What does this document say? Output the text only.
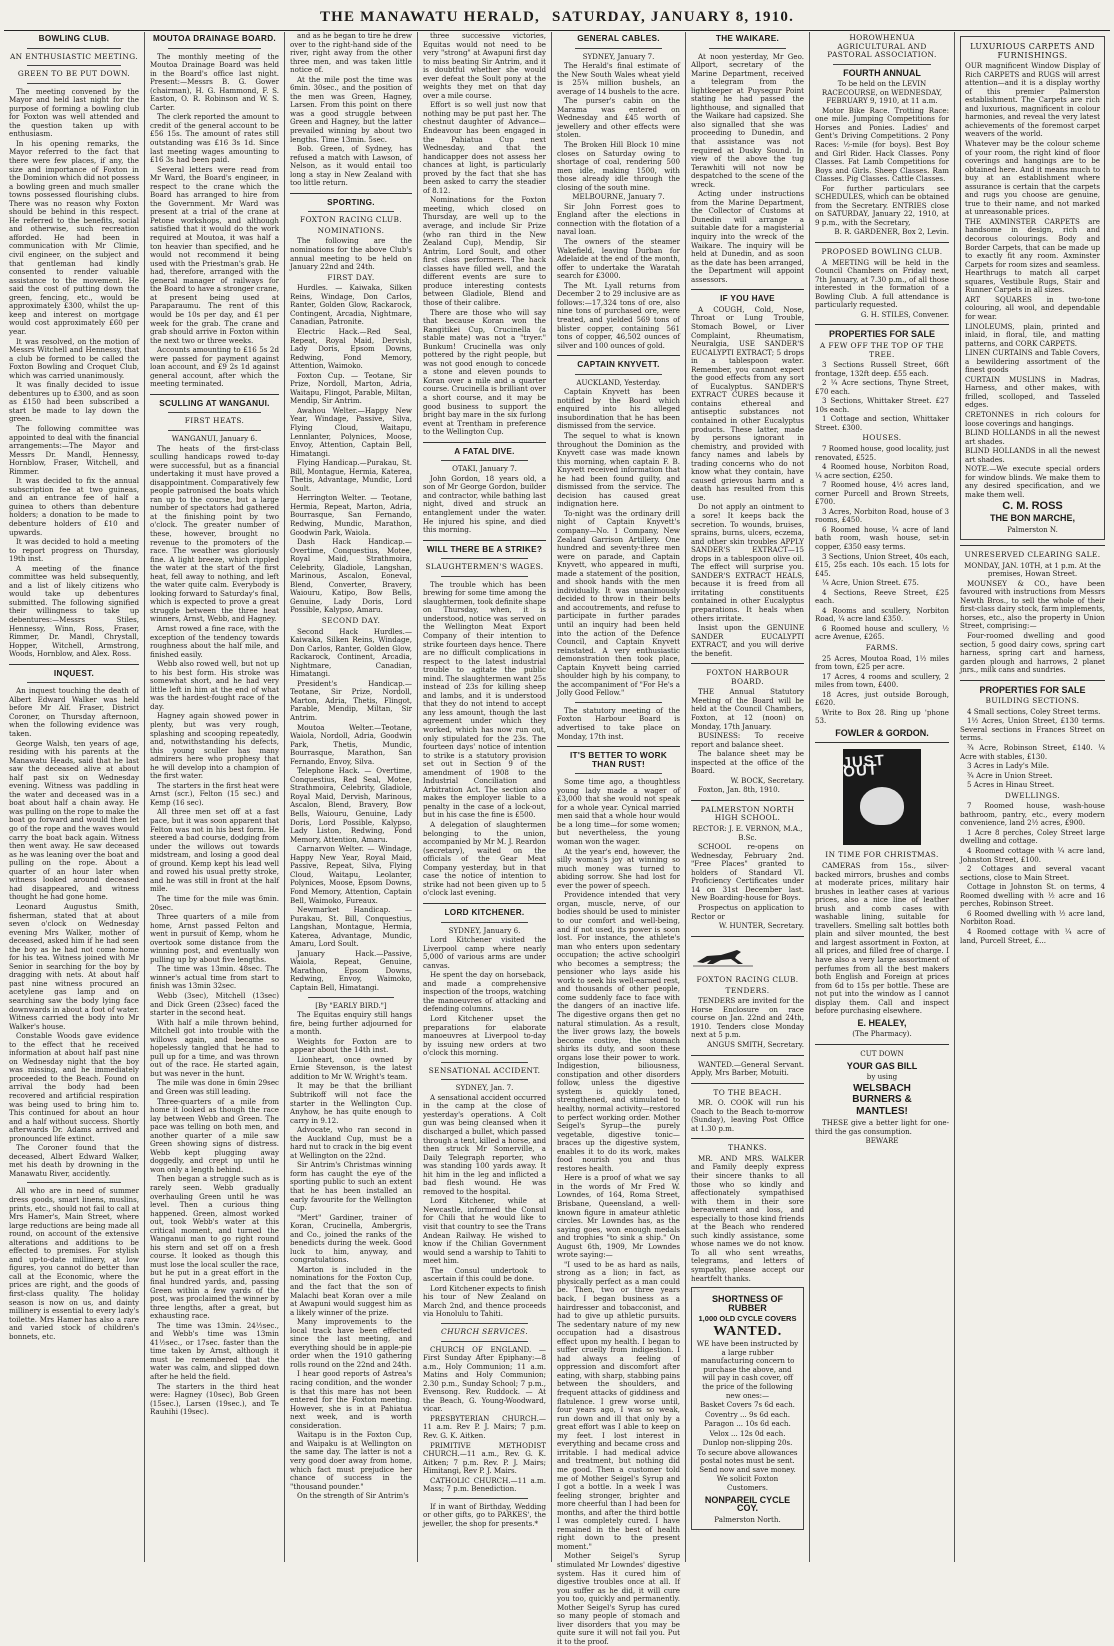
THE MANAWATU HERALD, SATURDAY, JANUARY 8, 1910.
BOWLING CLUB.
AN ENTHUSIASTIC MEETING.
GREEN TO BE PUT DOWN.

The meeting convened by the Mayor and held last night for the purpose of forming a bowling club for Foxton was well attended and the question taken up with enthusiasm.

In his opening remarks, the Mayor referred to the fact that there were few places, if any, the size and importance of Foxton in the Dominion which did not possess a bowling green and much smaller towns possessed flourishing clubs. There was no reason why Foxton should be behind in this respect. He referred to the benefits, social and otherwise, such recreation afforded. He had been in communication with Mr Climie, civil engineer, on the subject and that gentleman had kindly consented to render valuable assistance to the movement. He said the cost of putting down the green, fencing, etc., would be approximately £300, whilst the up-keep and interest on mortgage would cost approximately £60 per year.

It was resolved, on the motion of Messrs Witchell and Hennessy, that a club be formed to be called the Foxton Bowling and Croquet Club, which was carried unanimously.

It was finally decided to issue debentures up to £300, and as soon as £150 had been subscribed a start be made to lay down the green.

The following committee was appointed to deal with the financial arrangements:—The Mayor and Messrs Dr. Mandl, Hennessy, Hornblow, Fraser, Witchell, and Rimmer.

It was decided to fix the annual subscription fee at two guineas, and an entrance fee of half a guinea to others than debenture holders; a donation to be made to debenture holders of £10 and upwards.

It was decided to hold a meeting to report progress on Thursday, 19th inst.

A meeting of the finance committee was held subsequently, and a list of likely citizens who would take up debentures submitted. The following signified their willingness to take up debentures:—Messrs Stiles, Hennessy, Winn, Ross, Fraser, Rimmer, Dr. Mandl, Chrystall, Hopper, Witchell, Armstrong, Woods, Hornblow, and Alex. Ross.

INQUEST.

An inquest touching the death of Albert Edward Walker was held before Mr Alf. Fraser, District Coroner, on Thursday afternoon, when the following evidence was taken.

George Walsh, ten years of age, residing with his parents at the Manawatu Heads, said that he last saw the deceased alive at about half past six on Wednesday evening. Witness was paddling in the water and deceased was in a boat about half a chain away. He was pulling on the rope to make the boat go forward and would then let go of the rope and the waves would carry the boat back again. Witness then went away. He saw deceased as he was leaning over the boat and pulling on the rope. About a quarter of an hour later when witness looked around deceased had disappeared, and witness thought he had gone home.

Leonard Augustus Smith, fisherman, stated that at about seven o'clock on Wednesday evening Mrs Walker, mother of deceased, asked him if he had seen the boy as he had not come home for his tea. Witness joined with Mr Senior in searching for the boy by dragging with nets. At about half past nine witness procured an acetylene gas lamp and on searching saw the body lying face downwards in about a foot of water. Witness carried the body into Mr Walker's house.

Constable Woods gave evidence to the effect that he received information at about half past nine on Wednesday night that the boy was missing, and he immediately proceeded to the Beach. Found on arrival the body had been recovered and artificial respiration was being used to bring him to. This continued for about an hour and a half without success. Shortly afterwards Dr. Adams arrived and pronounced life extinct.

The Coroner found that the deceased, Albert Edward Walker, met his death by drowning in the Manawatu River, accidently.

All who are in need of summer dress goods, smart linens, muslins, prints, etc., should not fail to call at Mrs Hamer's, Main Street, where large reductions are being made all round, on account of the extensive alterations and additions to be effected to premises. For stylish and up-to-date millinery, at low figures, you cannot do better than call at the Economic, where the prices are right, and the goods of first-class quality. The holiday season is now on us, and dainty millinery is essential to every lady's toilette. Mrs Hamer has also a rare and varied stock of children's bonnets, etc.

MOUTOA DRAINAGE BOARD.

The monthly meeting of the Moutoa Drainage Board was held in the Board's office last night. Present:—Messrs B. G. Gower (chairman), H. G. Hammond, F. S. Easton, O. R. Robinson and W. S. Carter.

The clerk reported the amount to credit of the general account to be £56 15s. The amount of rates still outstanding was £16 3s 1d. Since last meeting wages amounting to £16 3s had been paid.

Several letters were read from Mr Ward, the Board's engineer, in respect to the crane which the Board has arranged to hire from the Government. Mr Ward was present at a trial of the crane at Petone workshops, and although satisfied that it would do the work required at Moutoa, it was half a ton heavier than specified, and he would not recommend it being used with the Priestman's grab. He had, therefore, arranged with the general manager of railways for the Board to have a stronger crane, at present being used at Paraparaumu. The rent of this would be 10s per day, and £1 per week for the grab. The crane and grab should arrive in Foxton within the next two or three weeks.

Accounts amounting to £16 5s 2d were passed for payment against loan account, and £9 2s 1d against general account, after which the meeting terminated.

SCULLING AT WANGANUI.
FIRST HEATS.

WANGANUI, January 6.

The heats of the first-class sculling handicaps rowed to-day were successful, but as a financial undertaking it must have proved a disappointment. Comparatively few people patronised the boats which ran up to the course, but a large number of spectators had gathered at the finishing point by two o'clock. The greater number of these, however, brought no revenue to the promoters of the race. The weather was gloriously fine. A light breeze, which rippled the water at the start of the first heat, fell away to nothing, and left the water quite calm. Everybody is looking forward to Saturday's final, which is expected to prove a great struggle between the three heat winners, Arnst, Webb, and Hagney.

Arnst rowed a fine race, with the exception of the tendency towards roughness about the half mile, and finished easily.

Webb also rowed well, but not up to his best form. His stroke was somewhat short, and he had very little left in him at the end of what was the hardest-fought race of the day.

Hagney again showed power in plenty, but was very rough, splashing and scooping repeatedly, and, notwithstanding his defects, this young sculler has many admirers here who prophesy that he will develop into a champion of the first water.

The starters in the first heat were Arnst (scr.), Felton (15 sec.) and Kemp (16 sec).

All three men set off at a fast pace, but it was soon apparent that Felton was not in his best form. He steered a bad course, dodging from under the willows out towards midstream, and losing a good deal of ground. Kemp kept his lead well and rowed his usual pretty stroke, and he was still in front at the half mile.

The time for the mile was 6min. 20sec.

Three quarters of a mile from home, Arnst passed Felton and went in pursuit of Kemp, whom he overtook some distance from the winning post, and eventually won pulling up by about five lengths.

The time was 13min. 48sec. The winner's actual time from start to finish was 13min 32sec.

Webb (3sec), Mitchell (13sec) and Dick Green (23sec) faced the starter in the second heat.

With half a mile thrown behind, Mitchell got into trouble with the willows again, and became so hopelessly tangled that he had to pull up for a time, and was thrown out of the race. He started again, but was never in the hunt.

The mile was done in 6min 29sec and Green was still leading.

Three-quarters of a mile from home it looked as though the race lay between Webb and Green. The pace was telling on both men, and another quarter of a mile saw Green showing signs of distress. Webb kept plugging away doggedly, and crept up until he won only a length behind.

Then began a struggle such as is rarely seen. Webb gradually overhauling Green until he was level. Then a curious thing happened. Green, almost worked out, took Webb's water at this critical moment, and turned the Wanganui man to go right round his stern and set off on a fresh course. It looked as though this must lose the local sculler the race, but he put in a great effort in the final hundred yards, and, passing Green within a few yards of the post, was proclaimed the winner by three lengths, after a great, but exhausting race.

The time was 13min. 24½sec., and Webb's time was 13min 41½sec., or 17sec. faster than the time taken by Arnst, although it must be remembered that the water was calm, and slipped down after he held the field.

The starters in the third heat were: Hagney (10sec), Bob Green (15sec.), Larsen (19sec.), and Te Rauhihi (19sec).

and as he began to tire he drew over to the right-hand side of the river, right away from the other three men, and was taken little notice of.

At the mile post the time was 6min. 30sec., and the position of the men was Green, Hagney, Larsen. From this point on there was a good struggle between Green and Hagney, but the latter prevailed winning by about two lengths. Time 13min. 5sec.

Bob. Green, of Sydney, has refused a match with Lawson, of Nelson, as it would entail too long a stay in New Zealand with too little return.

SPORTING.
FOXTON RACING CLUB.
NOMINATIONS.

The following are the nominations for the above Club's annual meeting to be held on January 22nd and 24th.

FIRST DAY.

Hurdles. — Kaiwaka, Silken Reins, Windage, Don Carlos, Ranter, Golden Glow, Rackarock, Contingent, Arcadia, Nightmare, Canadian, Patronite.

Electric Hack.—Red Seal, Repeat, Royal Maid, Dervish, Lady Doris, Epsom Downs, Redwing, Fond Memory, Attention, Waimoko.

Foxton Cup. — Teotane, Sir Prize, Nordoll, Marton, Adria, Waitapu, Flingot, Parable, Miltan, Mendip, Sir Antrim.

Awahou Welter.—Happy New Year, Windage, Passive, Silva, Flying Cloud, Waitapu, Lennlanter, Polynices, Moose, Envoy, Attention, Captain Bell, Himatangi.

Flying Handicap.—Purakau, St. Bill, Montague, Hermia, Katerea, Thetis, Advantage, Mundic, Lord Soult.

Herrington Welter. — Teotane, Hermia, Repeat, Marton, Adria, Bourrasque, San Fernando, Redwing, Mundic, Marathon, Goodwin Park, Waiola.

Dash Hack Handicap.—Overtime, Conquestius, Motee, Royal Maid, Strathmoira, Celebrity, Gladiole, Langshan, Marinous, Ascalon, Eoneval, Blend, Converter, Bravery, Waiouru, Katipo, Bow Bells, Genuine, Lady Doris, Lord Possible, Kalypso, Amaru.

SECOND DAY.

Second Hack Hurdles.—Kaiwaka, Silken Reins, Windage, Don Carlos, Ranter, Golden Glow, Rackarock, Continent, Arcadia, Nightmare, Canadian, Himatangi.

President's Handicap.—Teotane, Sir Prize, Nordoll, Marton, Adria, Thetis, Flingot, Parable, Mendip, Miltan, Sir Antrim.

Moutoa Welter.—Teotane, Waiola, Nordoll, Adria, Goodwin Park, Thetis, Mundic, Bourrasque, Marathon, San Fernando, Envoy, Silva.

Telephone Hack. — Overtime, Conquestius, Red Seal, Motee, Strathmoira, Celebrity, Gladiole, Royal Maid, Dervish, Marinous, Ascalon, Blend, Bravery, Bow Bells, Waiouru, Genuine, Lady Doris, Lord Possible, Kalypso, Lady Liston, Redwing, Fond Memory, Attention, Amaru.

Carnarvon Welter. — Windage, Happy New Year, Royal Maid, Passive, Repeat, Silva, Flying Cloud, Waitapu, Leolanter, Polynices, Moose, Epsom Downs, Fond Memory, Attention, Captain Bell, Waimoko, Fureaux.

Newmarket Handicap. — Purakau, St. Bill, Conquestius, Langshan, Montague, Hermia, Katerea, Advantage, Mundic, Amaru, Lord Soult.

January Hack.—Passive, Waiola, Repeat, Genuine, Marathon, Epsom Downs, Redwing, Envoy, Waimoko, Captain Bell, Himatangi.

[By "EARLY BIRD."]

The Equitas enquiry still hangs fire, being further adjourned for a month.

Weights for Foxton are to appear about the 14th inst.

Lionheart, once owned by Ernie Stevenson, is the latest addition to Mr W. Wright's team.

It may be that the brilliant Subtrikoff will not face the starter in the Wellington Cup. Anyhow, he has quite enough to carry in 9.12.

Advocate, who ran second in the Auckland Cup, must be a hard nut to crack in the big event at Wellington on the 22nd.

Sir Antrim's Christmas winning form has caught the eye of the sporting public to such an extent that he has been installed an early favourite for the Wellington Cup.

"Mert" Gardiner, trainer of Koran, Crucinella, Ambergris, and Co., joined the ranks of the benedicts during the week. Good luck to him, anyway, and congratulations.

Marton is included in the nominations for the Foxton Cup, and the fact that the son of Malachi beat Koran over a mile at Awapuni would suggest him as a likely winner of the prize.

Many improvements to the local track have been effected since the last meeting, and everything should be in apple-pie order when the 1910 gathering rolls round on the 22nd and 24th.

I hear good reports of Astrea's racing condition, and the wonder is that this mare has not been entered for the Foxton meeting. However, she is in at Pahiatua next week, and is worth consideration.

Waitapu is in the Foxton Cup, and Waipaku is at Wellington on the same day. The latter is not a very good doer away from home, which fact must prejudice her chance of success in the "thousand pounder."

On the strength of Sir Antrim's

three successive victories, Equitas would not need to be very "strong" at Awapuni first day to miss beating Sir Antrim, and it is doubtful whether she would ever defeat the Soult pony at the weights they met on that day over a mile course.

Effort is so well just now that nothing may be put past her. The chestnut daughter of Advance—Endeavour has been engaged in the Pahiatua Cup next Wednesday, and that the handicapper does not assess her chances at light, is particularly proved by the fact that she has been asked to carry the steadier of 8.12.

Nominations for the Foxton meeting, which closed on Thursday, are well up to the average, and include Sir Prize (who ran third in the New Zealand Cup), Mendip, Sir Antrim, Lord Soult, and other first class performers. The hack classes have filled well, and the different events are sure to produce interesting contests between Gladiole, Blend and those of their calibre.

There are those who will say that because Koran won the Rangitikei Cup, Crucinella (a stable mate) was not a "tryer." Bunkum! Crucinella was only pottered by the right people, but was not good enough to concede a stone and eleven pounds to Koran over a mile and a quarter course. Crucinella is brilliant over a short course, and it may be good business to support the bright bay mare in the six furlong event at Trentham in preference to the Wellington Cup.

A FATAL DIVE.

OTAKI, January 7.

John Gordon, 18 years old, a son of Mr George Gordon, builder and contractor, while bathing last night, dived and struck an entanglement under the water. He injured his spine, and died this morning.

WILL THERE BE A STRIKE?
SLAUGHTERMEN'S WAGES.

The trouble which has been brewing for some time among the slaughtermen, took definite shape on Thursday, when, it is understood, notice was served on the Wellington Meat Export Company of their intention to strike fourteen days hence. There are no difficult complications in respect to the latest industrial trouble to agitate the public mind. The slaughtermen want 25s instead of 23s for killing sheep and lambs, and it is understood that they do not intend to accept any less amount, though the last agreement under which they worked, which has now run out, only stipulated for the 23s. The fourteen days' notice of intention to strike is a statutory provision set out in Section 9 of the amendment of 1908 to the Industrial Conciliation and Arbitration Act. The section also makes the employer liable to a penalty in the case of a lock-out, but in his case the fine is £500.

A delegation of slaughtermen belonging to the union, accompanied by Mr M. J. Reardon (secretary), waited on the officials of the Gear Meat Company yesterday, but in that case the notice of intention to strike had not been given up to 5 o'clock last evening.

LORD KITCHENER.

SYDNEY, January 6.

Lord Kitchener visited the Liverpool camp where nearly 5,000 of various arms are under canvas.

He spent the day on horseback, and made a comprehensive inspection of the troops, watching the manoeuvres of attacking and defending columns.

Lord Kitchener upset the preparations for elaborate manoeuvres at Liverpool to-day by issuing new orders at two o'clock this morning.

SENSATIONAL ACCIDENT.

SYDNEY, Jan. 7.

A sensational accident occurred in the camp at the close of yesterday's operations. A Colt gun was being cleansed when it discharged a bullet, which passed through a tent, killed a horse, and then struck Mr Somerville, a Daily Telegraph reporter, who was standing 100 yards away. It hit him in the leg and inflicted a bad flesh wound. He was removed to the hospital.

Lord Kitchener, while at Newcastle, informed the Consul for Chili that he would like to visit that country to see the Trans Andean Railway. He wished to know if the Chilian Government would send a warship to Tahiti to meet him.

The Consul undertook to ascertain if this could be done.

Lord Kitchener expects to finish his tour of New Zealand on March 2nd, and thence proceeds via Honolulu to Tahiti.

CHURCH SERVICES.

CHURCH OF ENGLAND. — First Sunday After Epiphany:—8 a.m., Holy Communion; 11 a.m. Matins and Holy Communion; 2.30 p.m., Sunday School; 7 p.m., Evensong. Rev. Ruddock. — At the Beach, G. Young-Woodward, vicar.

PRESBYTERIAN CHURCH.— 11 a.m. Rev P. J. Mairs; 7 p.m. Rev. G. K. Aitken.

PRIMITIVE METHODIST CHURCH.—11 a.m., Rev. G. K. Aitken; 7 p.m. Rev. P. J. Mairs; Himitangi, Rev P. J. Mairs.

CATHOLIC CHURCH.—11 a.m. Mass; 7 p.m. Benediction.

If in want of Birthday, Wedding or other gifts, go to PARKES', the jeweller, the shop for presents.*

GENERAL CABLES.

SYDNEY, January 7.

The Herald's final estimate of the New South Wales wheat yield is 25¾ million bushels, an average of 14 bushels to the acre.

The purser's cabin on the Marama was entered on Wednesday and £45 worth of jewellery and other effects were stolen.

The Broken Hill Block 10 mine closes on Saturday owing to shortage of coal, rendering 500 men idle, making 1500, with those already idle through the closing of the south mine.

MELBOURNE, January 7.

Sir John Forrest goes to England after the elections in connection with the flotation of a naval loan.

The owners of the steamer Wakefield, leaving Durban for Adelaide at the end of the month, offer to undertake the Waratah search for £3000.

The Mt. Lyall returns from December 2 to 29 inclusive are as follows:—17,324 tons of ore, also nine tons of purchased ore, were treated, and yielded 569 tons of blister copper, containing 561 tons of copper, 46,502 ounces of silver and 100 ounces of gold.

CAPTAIN KNYVETT.

AUCKLAND, Yesterday.

Captain Knyvett has been notified by the Board which enquired into his alleged insubordination that he has been dismissed from the service.

The sequel to what is known throughout the Dominion as the Knyvett case was made known this morning, when captain F. B. Knyvett received information that he had been found guilty, and dismissed from the service. The decision has caused great indignation here.

To-night was the ordinary drill night of Captain Knyvett's company—No. 1 Company, New Zealand Garrison Artillery. One hundred and seventy-three men were on parade, and Captain Knyvett, who appeared in mufti, made a statement of the position, and shook hands with the men individually. It was unanimously decided to throw in their belts and accoutrements, and refuse to participate in further parades until an inquiry had been held into the action of the Defence Council, and Captain Knyvett reinstated. A very enthusiastic demonstration then took place, Captain Knyvett being carried shoulder high by his company, to the accompaniment of "For He's a Jolly Good Fellow."

The statutory meeting of the Foxton Harbour Board is advertised to take place on Monday, 17th inst.

IT'S BETTER TO WORK THAN RUST!

Some time ago, a thoughtless young lady made a wager of £3,000 that she would not speak for a whole year. Cynical married men said that a whole hour would be a long time—for some women; but nevertheless, the young woman won the wager.

At the year's end, however, the silly woman's joy at winning so much money was turned to abiding sorrow. She had lost for ever the power of speech.

Providence intended that very organ, muscle, nerve, of our bodies should be used to minister to our comfort and well-being, and if not used, its power is soon lost. For instance, the athlete's man who enters upon sedentary occupation; the active schoolgirl who becomes a semptress; the pensioner who lays aside his work to seek his well-earned rest, and thousands of other people, come suddenly face to face with the dangers of an inactive life. The digestive organs then get no natural stimulation. As a result, the liver grows lazy, the bowels become costive, the stomach shirks its duty, and soon these organs lose their power to work. Indigestion, biliousness, constipation and other disorders follow, unless the digestive system is quickly toned, strengthened, and stimulated to healthy, normal activity—restored to perfect working order. Mother Seigel's Syrup—the purely vegetable, digestive tonic—braces up the digestive system, enables it to do its work, makes food nourish you and thus restores health.

Here is a proof of what we say in the words of Mr Fred W. Lowndes, of 164, Roma Street, Brisbane, Queensland, a well-known figure in amateur athletic circles. Mr Lowndes has, as the saying goes, won enough medals and trophies "to sink a ship." On August 6th, 1909, Mr Lowndes wrote saying:—

"I used to be as hard as nails, strong as a lion; in fact, as physically perfect as a man could be. Then, two or three years back, I began business as a hairdresser and tobacconist, and had to give up athletic pursuits. The sedentary nature of my new occupation had a disastrous effect upon my health. I began to suffer cruelly from indigestion. I had always a feeling of oppression and discomfort after eating, with sharp, stabbing pains between the shoulders, and frequent attacks of giddiness and flatulence. I grew worse until, four years ago, I was so weak, run down and ill that only by a great effort was I able to keep on my feet. I lost interest in everything and became cross and irritable. I had medical advice and treatment, but nothing did me good. Then a customer told me of Mother Seigel's Syrup and I got a bottle. In a week I was feeling stronger, brighter and more cheerful than I had been for months, and after the third bottle I was completely cured. I have remained in the best of health right down to the present moment."

Mother Seigel's Syrup stimulated Mr Lowndes' digestive system. Has it cured him of digestive troubles once at all. If you suffer as he did, it will cure you too, quickly and permanently. Mother Seigel's Syrup has cured so many people of stomach and liver disorders that you may be quite sure it will not fail you. Put it to the proof.

THE WAIKARE.

At noon yesterday, Mr Geo. Allport, secretary of the Marine Department, received a telegram from the lightkeeper at Puysegur Point stating he had passed the lighthouse, and signalled that the Waikare had capsized. She also signalled that she was proceeding to Dunedin, and that assistance was not required at Dusky Sound. In view of the above the tug Terawhiti will not now be despatched to the scene of the wreck.

Acting under instructions from the Marine Department, the Collector of Customs at Dunedin will arrange a suitable date for a magisterial inquiry into the wreck of the Waikare. The inquiry will be held at Dunedin, and as soon as the date has been arranged, the Department will appoint assessors.

IF YOU HAVE

A COUGH, Cold, Nose, Throat or Lung Trouble, Stomach Bowel, or Liver Complaint, Rheumatism, Neuralgia, USE SANDER'S EUCALYPTI EXTRACT; 5 drops in a tablespoon water. Remember, you cannot expect the good effects from any sort of Eucalyptus. SANDER'S EXTRACT CURES because it contains ethereal and antiseptic substances not contained in other Eucalyptus products. These latter, made by persons ignorant in chemistry, and provided with fancy names and labels by trading concerns who do not know what they contain, have caused grievous harm and a death has resulted from this use.

Do not apply an ointment to a sore! It keeps back the secretion. To wounds, bruises, sprains, burns, ulcers, eczema, and other skin troubles APPLY SANDER'S EXTRACT—15 drops in a tablespoon olive oil. The effect will surprise you. SANDER'S EXTRACT HEALS, because it is freed from all irritating constituents contained in other Eucalyptus preparations. It heals when others irritate.

Insist upon the GENUINE SANDER EUCALYPTI EXTRACT, and you will derive the benefit.

FOXTON HARBOUR BOARD.

THE Annual Statutory Meeting of the Board will be held at the Council Chambers, Foxton, at 12 (noon) on Monday, 17th January.

BUSINESS: To receive report and balance sheet.

The balance sheet may be inspected at the office of the Board.

W. BOCK, Secretary.

Foxton, Jan. 8th, 1910.

PALMERSTON NORTH HIGH SCHOOL.

RECTOR: J. E. VERNON, M.A., B.Sc.

SCHOOL re-opens on Wednesday, February 2nd. "Free Places" granted to holders of Standard VI. Proficiency Certificates under 14 on 31st December last. New Boarding-house for Boys.

Prospectus on application to Rector or

W. HUNTER, Secretary.

FOXTON RACING CLUB.
TENDERS.

TENDERS are invited for the Horse Enclosure on race course on Jan. 22nd and 24th, 1910. Tenders close Monday next at 5 p.m.

ANGUS SMITH, Secretary.

WANTED.—General Servant. Apply, Mrs Barber, Motuiti.

TO THE BEACH.

MR. O. COOK will run his Coach to the Beach to-morrow (Sunday), leaving Post Office at 1.30 p.m.

THANKS.

MR. AND MRS. WALKER and Family deeply express their sincere thanks to all those who so kindly and affectionately sympathised with them in their sore bereavement and loss, and especially to those kind friends at the Beach who rendered such kindly assistance, some whose names we do not know. To all who sent wreaths, telegrams, and letters of sympathy, please accept our heartfelt thanks.

SHORTNESS OF RUBBER
1,000 OLD CYCLE COVERS
WANTED.

WE have been instructed by a large rubber manufacturing concern to purchase the above, and will pay in cash cover, off the price of the following new ones:—

Basket Covers 7s 6d each.

Coventry ... 9s 6d each.

Paragon ... 10s 6d each.

Velox ... 12s 0d each.

Dunlop non-slipping 20s.

To secure above allowances postal notes must be sent. Send now and save money.

We solicit Foxton Customers.

NONPAREIL CYCLE COY.

Palmerston North.

HOROWHENUA AGRICULTURAL AND PASTORAL ASSOCIATION.
FOURTH ANNUAL

To be held on the LEVIN RACECOURSE, on WEDNESDAY, FEBRUARY 9, 1910, at 11 a.m.

Motor Bike Race. Trotting Race: one mile. Jumping Competitions for Horses and Ponies. Ladies' and Gent's Driving Competitions. 2 Pony Races: ½-mile (for boys). Best Boy and Girl Rider. Hack Classes. Pony Classes. Fat Lamb Competitions for Boys and Girls. Sheep Classes. Ram Classes. Pig Classes. Cattle Classes.

For further particulars see SCHEDULES, which can be obtained from the Secretary. ENTRIES close on SATURDAY, January 22, 1910, at 9 p.m., with the Secretary,

B. R. GARDENER, Box 2, Levin.

PROPOSED BOWLING CLUB.

A MEETING will be held in the Council Chambers on Friday next, 7th January, at 7.30 p.m., of all those interested in the formation of a Bowling Club. A full attendance is particularly requested.

G. H. STILES, Convener.

PROPERTIES FOR SALE
A FEW OFF THE TOP OF THE TREE.

3 Sections Russell Street, 66ft frontage, 132ft deep. £55 each.

2 ¼ Acre sections, Thyne Street, £70 each.

3 Sections, Whittaker Street. £27 10s each.

1 Cottage and section, Whittaker Street. £300.

HOUSES.

7 Roomed house, good locality, just renovated, £525.

4 Roomed house, Norbiton Road, ¼ acre section, £250.

7 Roomed house, 4½ acres land, corner Purcell and Brown Streets, £700.

3 Acres, Norbiton Road, house of 3 rooms, £450.

6 Roomed house, ¼ acre of land bath room, wash house, set-in copper, £350 easy terms.

3 Sections, Union Street, 40s each, £15, 25s each. 10s each. 15 lots for £45.

¼ Acre, Union Street. £75.

4 Sections, Reeve Street, £25 each.

4 Rooms and scullery, Norbiton Road, ¼ acre land £350.

6 Roomed house and scullery, ½ acre Avenue, £265.

FARMS.

25 Acres, Moutoa Road, 1½ miles from town, £25 per acre.

17 Acres, 4 rooms and scullery, 2 miles from town, £400.

18 Acres, just outside Borough, £620.

Write to Box 28. Ring up 'phone 53.

FOWLER & GORDON.
JUST OUT
IN TIME FOR CHRISTMAS.

CAMERAS from 15s., silver-backed mirrors, brushes and combs at moderate prices, military hair brushes in leather cases at various prices, also a nice line of leather brush and comb cases with washable lining, suitable for travellers. Smelling salt bottles both plain and silver mounted, the best and largest assortment in Foxton, at all prices, and filled free of charge. I have also a very large assortment of perfumes from all the best makers both English and Foreign at prices from 6d to 15s per bottle. These are not put into the window as I cannot display them. Call and inspect before purchasing elsewhere.

E. HEALEY,

(The Pharmacy).

CUT DOWN

YOUR GAS BILL

by using

WELSBACH
BURNERS &
MANTLES!

THESE give a better light for one-third the gas consumption.

BEWARE

LUXURIOUS CARPETS AND FURNISHINGS.

OUR magnificent Window Display of Rich CARPETS and RUGS will arrest attention—and it is a display worthy of this premier Palmerston establishment. The Carpets are rich and luxurious, magnificent in colour harmonies, and reveal the very latest achievements of the foremost carpet weavers of the world.

Whatever may be the colour scheme of your room, the right kind of floor coverings and hangings are to be obtained here. And it means much to buy at an establishment where assurance is certain that the carpets and rugs you choose are genuine, true to their name, and not marked at unreasonable prices.

THE AXMINSTER CARPETS are handsome in design, rich and decorous colourings. Body and Border Carpets, that can be made up to exactly fit any room. Axminster Carpets for room sizes and seamless. Hearthrugs to match all carpet squares, Vestibule Rugs, Stair and Runner Carpets in all sizes.

ART SQUARES in two-tone colouring, all wool, and dependable for wear.

LINOLEUMS, plain, printed and inlaid, in floral, tile, and matting patterns, and CORK CARPETS.

LINEN CURTAINS and Table Covers, a bewildering assortment of the finest goods

CURTAIN MUSLINS in Madras, Harness, and other makes, with frilled, scolloped, and Tasseled edges.

CRETONNES in rich colours for loose coverings and hangings.

BLIND HOLLANDS in all the newest art shades.

BLIND HOLLANDS in all the newest art shades.

NOTE.—We execute special orders for window blinds. We make them to any desired specification, and we make them well.

C. M. ROSS
THE BON MARCHE,

Palmerston N.

UNRESERVED CLEARING SALE.

MONDAY, JAN. 10TH, at 1 p.m. At the premises, Howan Street.

MOUNSEY & CO., have been favoured with instructions from Messrs Newth Bros., to sell the whole of their first-class dairy stock, farm implements, horses, etc., also the property in Union Street, comprising:—

Four-roomed dwelling and good section, 5 good dairy cows, spring cart harness, spring cart and harness, garden plough and harrows, 2 planet jnrs., milk cans and sundries.

PROPERTIES FOR SALE
BUILDING SECTIONS.

4 Small sections, Coley Street terms.

1½ Acres, Union Street, £130 terms. Several sections in Frances Street on terms.

¾ Acre, Robinson Street, £140. ¼ Acre with stables, £130.

3 Acres in Lady's Mile.

¾ Acre in Union Street.

5 Acres in Hinau Street.

DWELLINGS.

7 Roomed house, wash-house bathroom, pantry, etc., every modern convenience, land 2½ acres, £900.

1 Acre 8 perches, Coley Street large dwelling and cottage.

4 Roomed cottage with ¼ acre land, Johnston Street, £100.

2 Cottages and several vacant sections, close to Main Street.

Cottage in Johnston St. on terms, 4 Roomed dwelling with ½ acre and 16 perches, Robinson Street.

6 Roomed dwelling with ½ acre land, Norbiton Road.

4 Roomed cottage with ¼ acre of land, Purcell Street, £...
